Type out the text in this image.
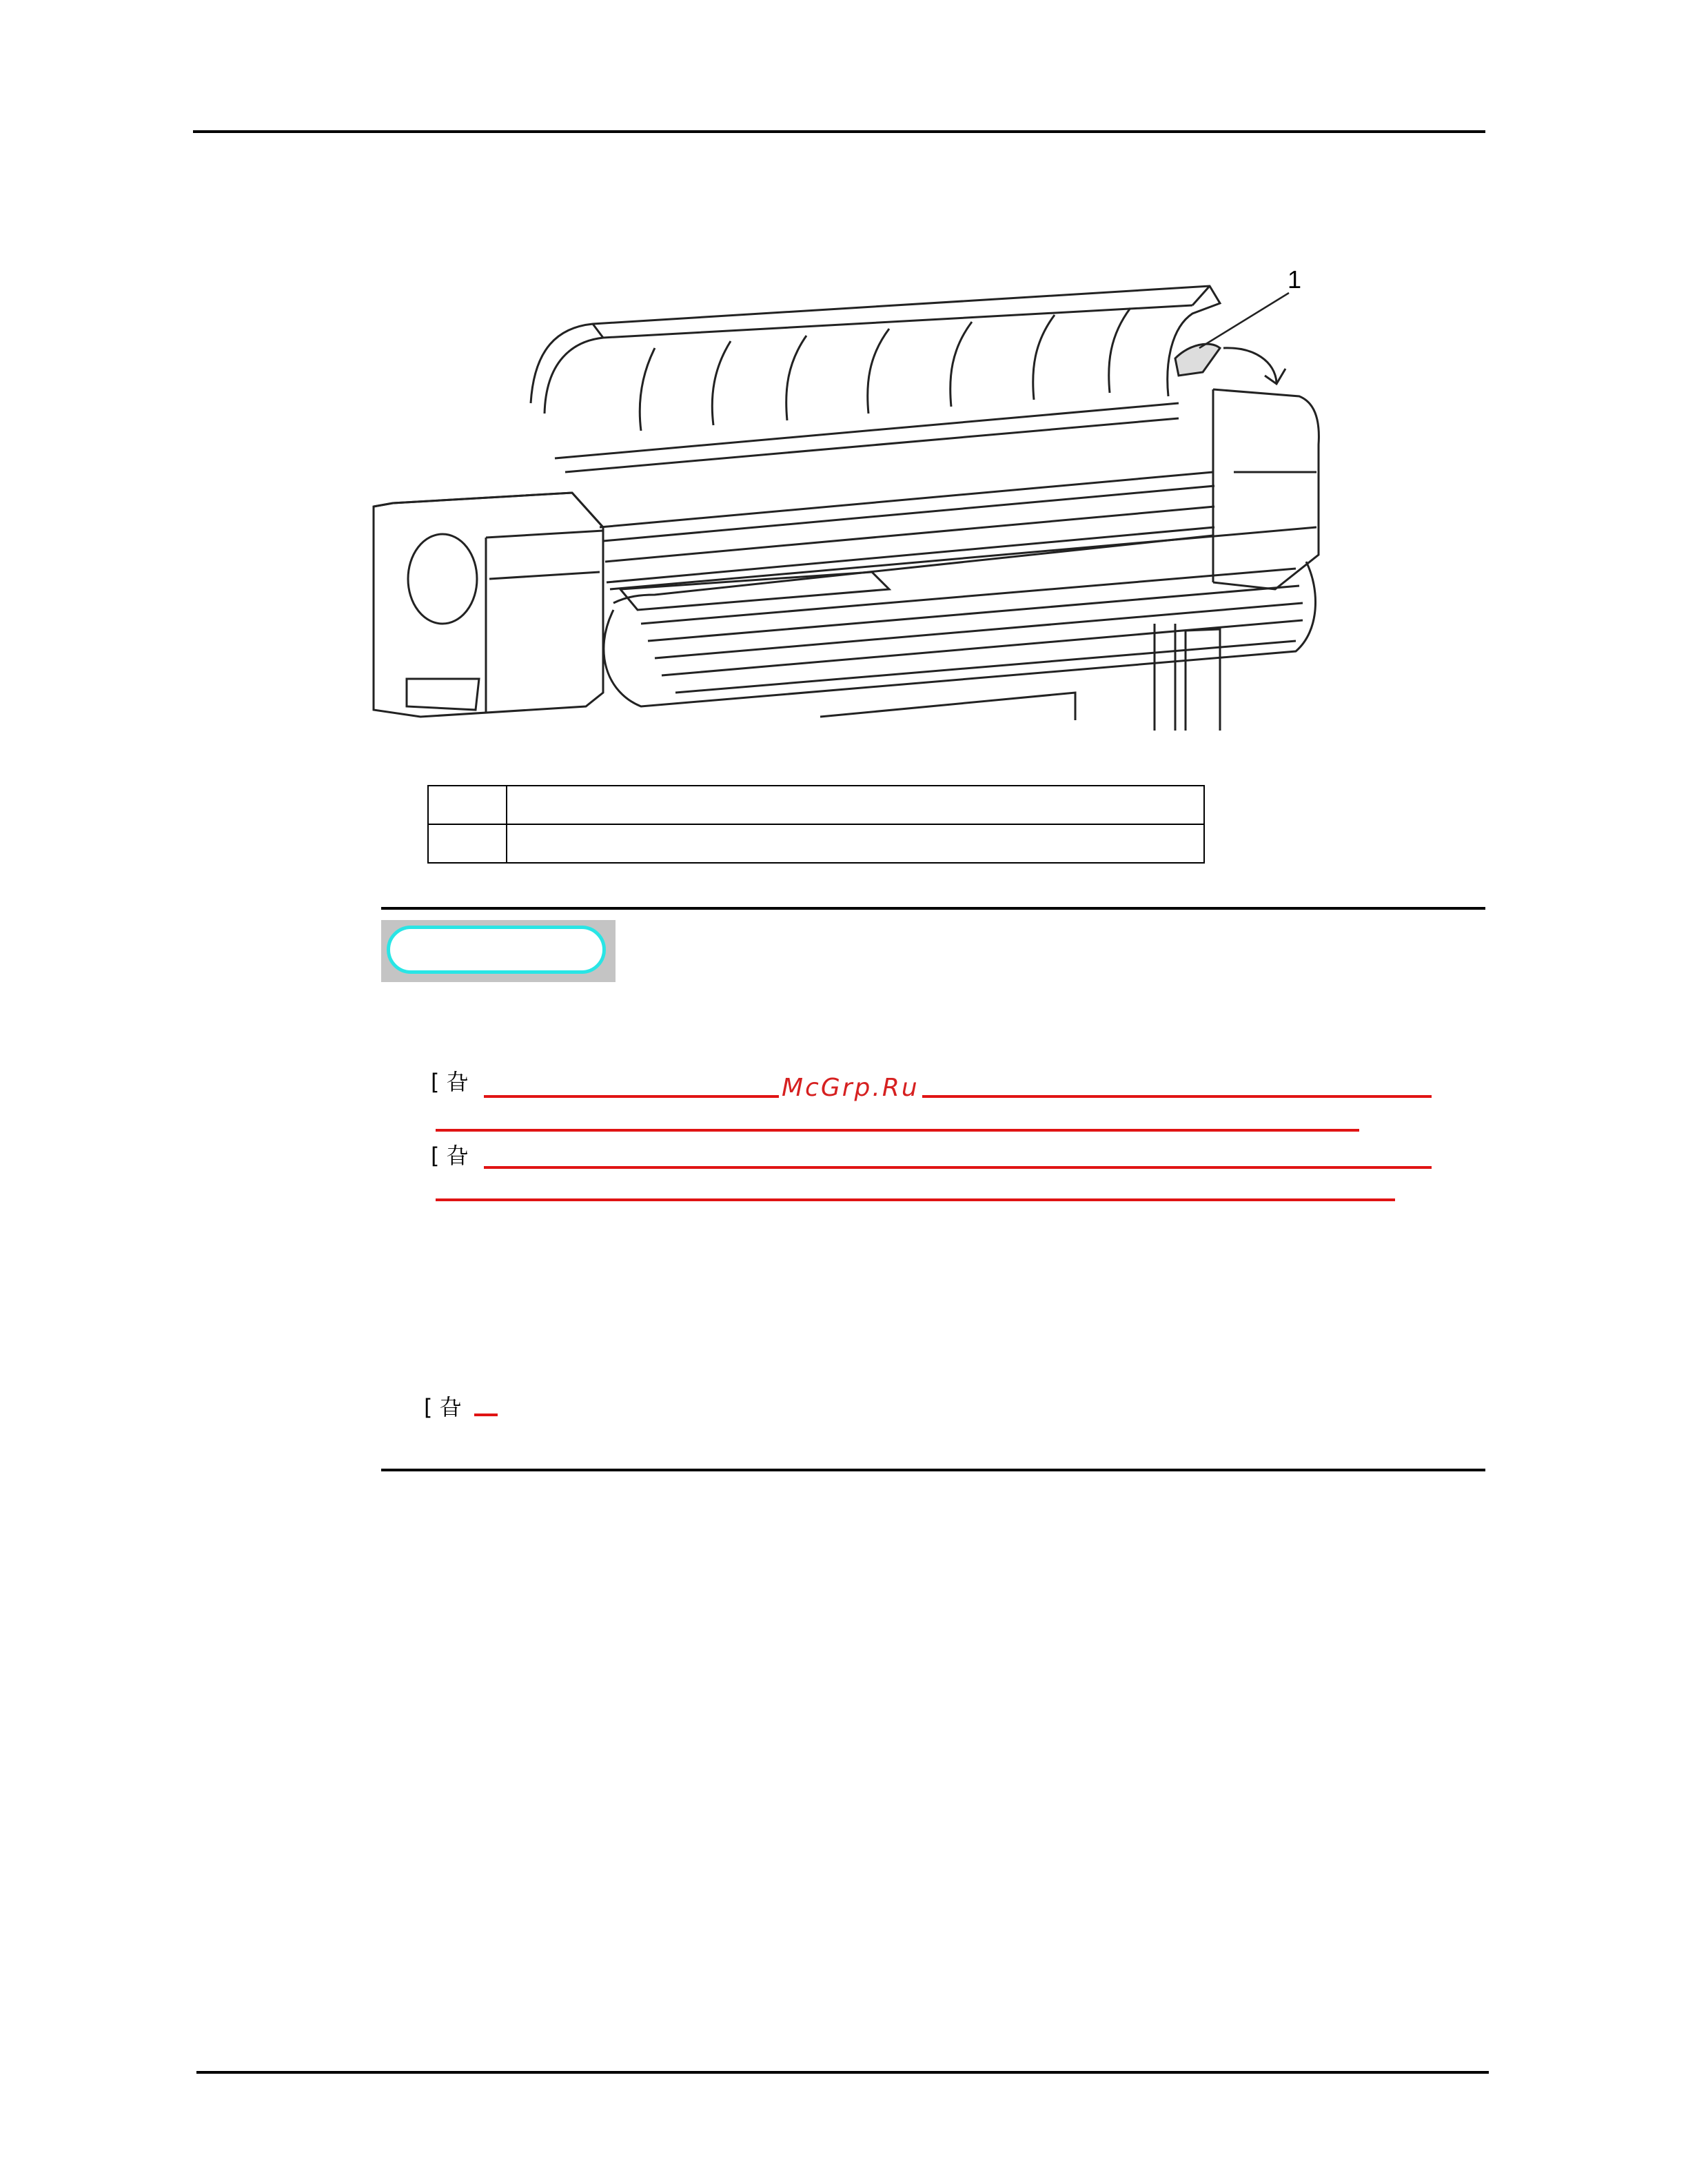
1

[ 旮	McGrp.Ru
[ 旮
[ 旮
